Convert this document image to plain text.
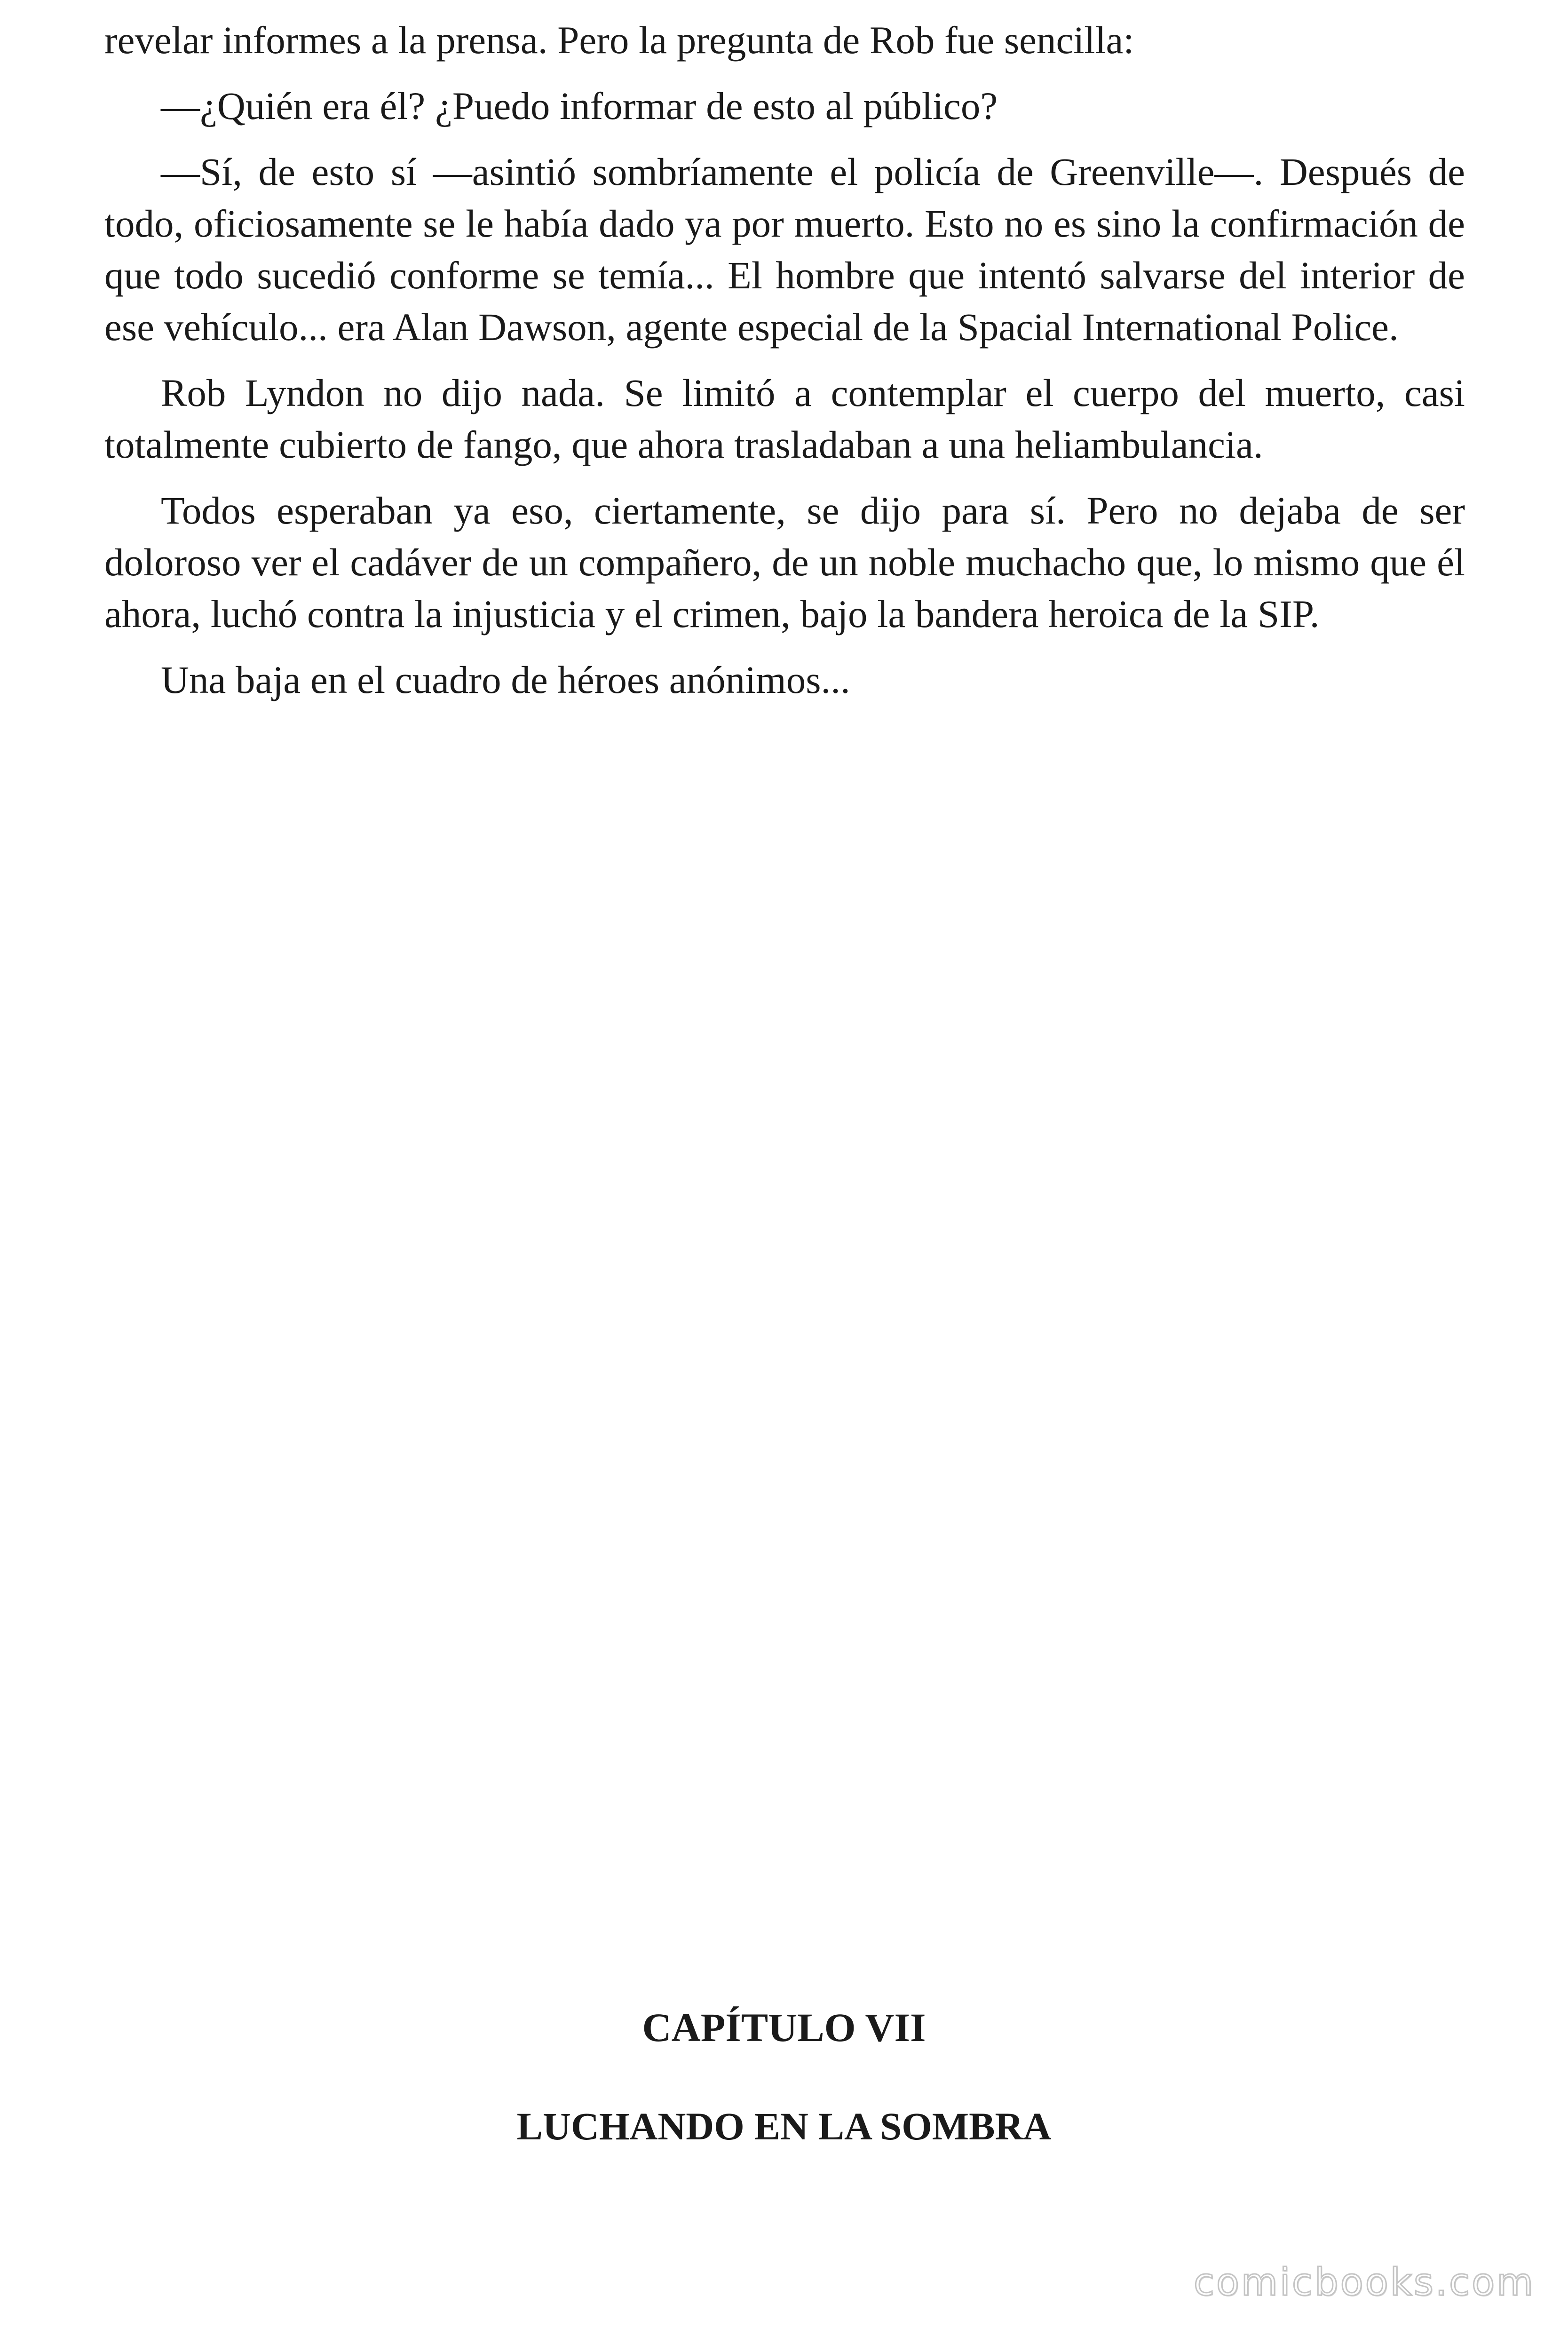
revelar informes a la prensa. Pero la pregunta de Rob fue sencilla:

—¿Quién era él? ¿Puedo informar de esto al público?

—Sí, de esto sí —asintió sombríamente el policía de Greenville—. Después de todo, oficiosamente se le había dado ya por muerto. Esto no es sino la confirmación de que todo sucedió conforme se temía... El hombre que intentó salvarse del interior de ese vehículo... era Alan Dawson, agente especial de la Spacial International Police.

Rob Lyndon no dijo nada. Se limitó a contemplar el cuerpo del muerto, casi totalmente cubierto de fango, que ahora trasladaban a una heliambulancia.

Todos esperaban ya eso, ciertamente, se dijo para sí. Pero no dejaba de ser doloroso ver el cadáver de un compañero, de un noble muchacho que, lo mismo que él ahora, luchó contra la injusticia y el crimen, bajo la bandera heroica de la SIP.

Una baja en el cuadro de héroes anónimos...

CAPÍTULO VII
LUCHANDO EN LA SOMBRA
comicbooks.com
